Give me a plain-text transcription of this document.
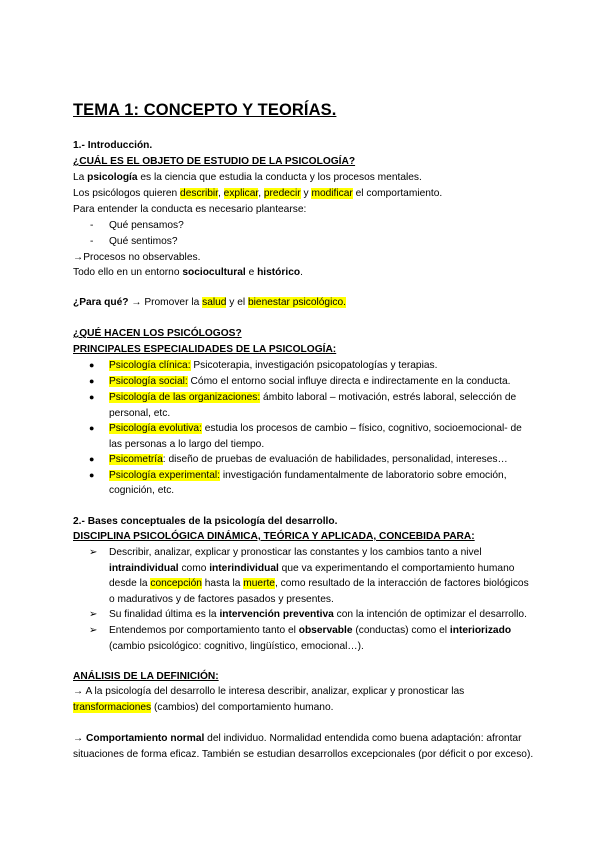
TEMA 1: CONCEPTO Y TEORÍAS.
1.- Introducción.
¿CUÁL ES EL OBJETO DE ESTUDIO DE LA PSICOLOGÍA?
La psicología es la ciencia que estudia la conducta y los procesos mentales.
Los psicólogos quieren describir, explicar, predecir y modificar el comportamiento.
Para entender la conducta es necesario plantearse:
- Qué pensamos?
- Qué sentimos?
→Procesos no observables.
Todo ello en un entorno sociocultural e histórico.
¿Para qué? → Promover la salud y el bienestar psicológico.
¿QUÉ HACEN LOS PSICÓLOGOS?
PRINCIPALES ESPECIALIDADES DE LA PSICOLOGÍA:
● Psicología clínica: Psicoterapia, investigación psicopatologías y terapias.
● Psicología social: Cómo el entorno social influye directa e indirectamente en la conducta.
● Psicología de las organizaciones: ámbito laboral – motivación, estrés laboral, selección de
personal, etc.
● Psicología evolutiva: estudia los procesos de cambio – físico, cognitivo, socioemocional- de
las personas a lo largo del tiempo.
● Psicometría: diseño de pruebas de evaluación de habilidades, personalidad, intereses…
● Psicología experimental: investigación fundamentalmente de laboratorio sobre emoción,
cognición, etc.
2.- Bases conceptuales de la psicología del desarrollo.
DISCIPLINA PSICOLÓGICA DINÁMICA, TEÓRICA Y APLICADA, CONCEBIDA PARA:
➢ Describir, analizar, explicar y pronosticar las constantes y los cambios tanto a nivel
intraindividual como interindividual que va experimentando el comportamiento humano
desde la concepción hasta la muerte, como resultado de la interacción de factores biológicos
o madurativos y de factores pasados y presentes.
➢ Su finalidad última es la intervención preventiva con la intención de optimizar el desarrollo.
➢ Entendemos por comportamiento tanto el observable (conductas) como el interiorizado
(cambio psicológico: cognitivo, lingüístico, emocional…).
ANÁLISIS DE LA DEFINICIÓN:
→ A la psicología del desarrollo le interesa describir, analizar, explicar y pronosticar las
transformaciones (cambios) del comportamiento humano.
→ Comportamiento normal del individuo. Normalidad entendida como buena adaptación: afrontar
situaciones de forma eficaz. También se estudian desarrollos excepcionales (por déficit o por exceso).
